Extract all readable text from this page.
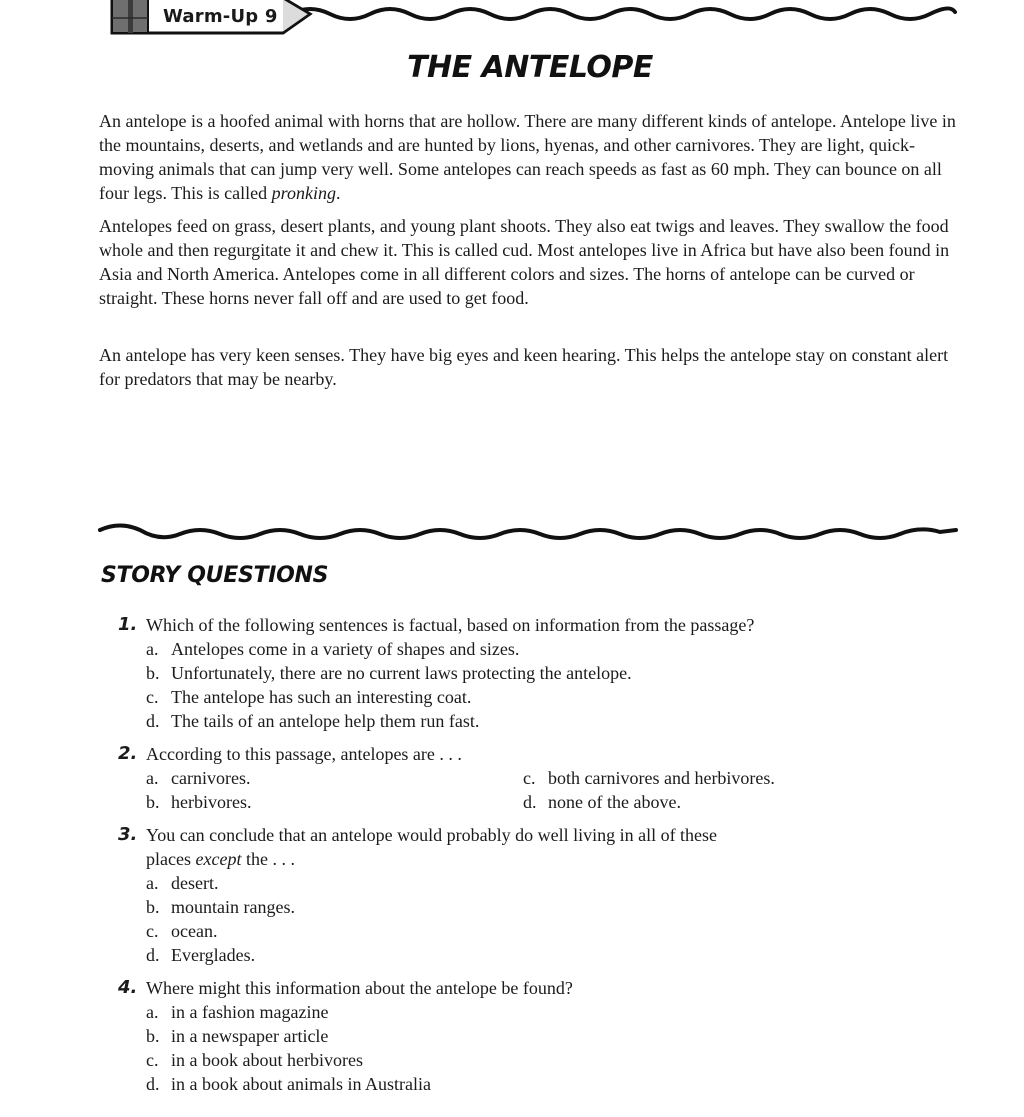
Warm-Up 9
THE ANTELOPE

An antelope is a hoofed animal with horns that are hollow. There are many different kinds of antelope. Antelope live in the mountains, deserts, and wetlands and are hunted by lions, hyenas, and other carnivores. They are light, quick-moving animals that can jump very well. Some antelopes can reach speeds as fast as 60 mph. They can bounce on all four legs. This is called pronking.

Antelopes feed on grass, desert plants, and young plant shoots. They also eat twigs and leaves. They swallow the food whole and then regurgitate it and chew it. This is called cud. Most antelopes live in Africa but have also been found in Asia and North America. Antelopes come in all different colors and sizes. The horns of antelope can be curved or straight. These horns never fall off and are used to get food.

An antelope has very keen senses. They have big eyes and keen hearing. This helps the antelope stay on constant alert for predators that may be nearby.

STORY QUESTIONS
1. Which of the following sentences is factual, based on information from the passage?
a. Antelopes come in a variety of shapes and sizes.
b. Unfortunately, there are no current laws protecting the antelope.
c. The antelope has such an interesting coat.
d. The tails of an antelope help them run fast.
2. According to this passage, antelopes are . . .
a. carnivores.	c. both carnivores and herbivores.
b. herbivores.	d. none of the above.
3. You can conclude that an antelope would probably do well living in all of these
places except the . . .
a. desert.
b. mountain ranges.
c. ocean.
d. Everglades.
4. Where might this information about the antelope be found?
a. in a fashion magazine
b. in a newspaper article
c. in a book about herbivores
d. in a book about animals in Australia
